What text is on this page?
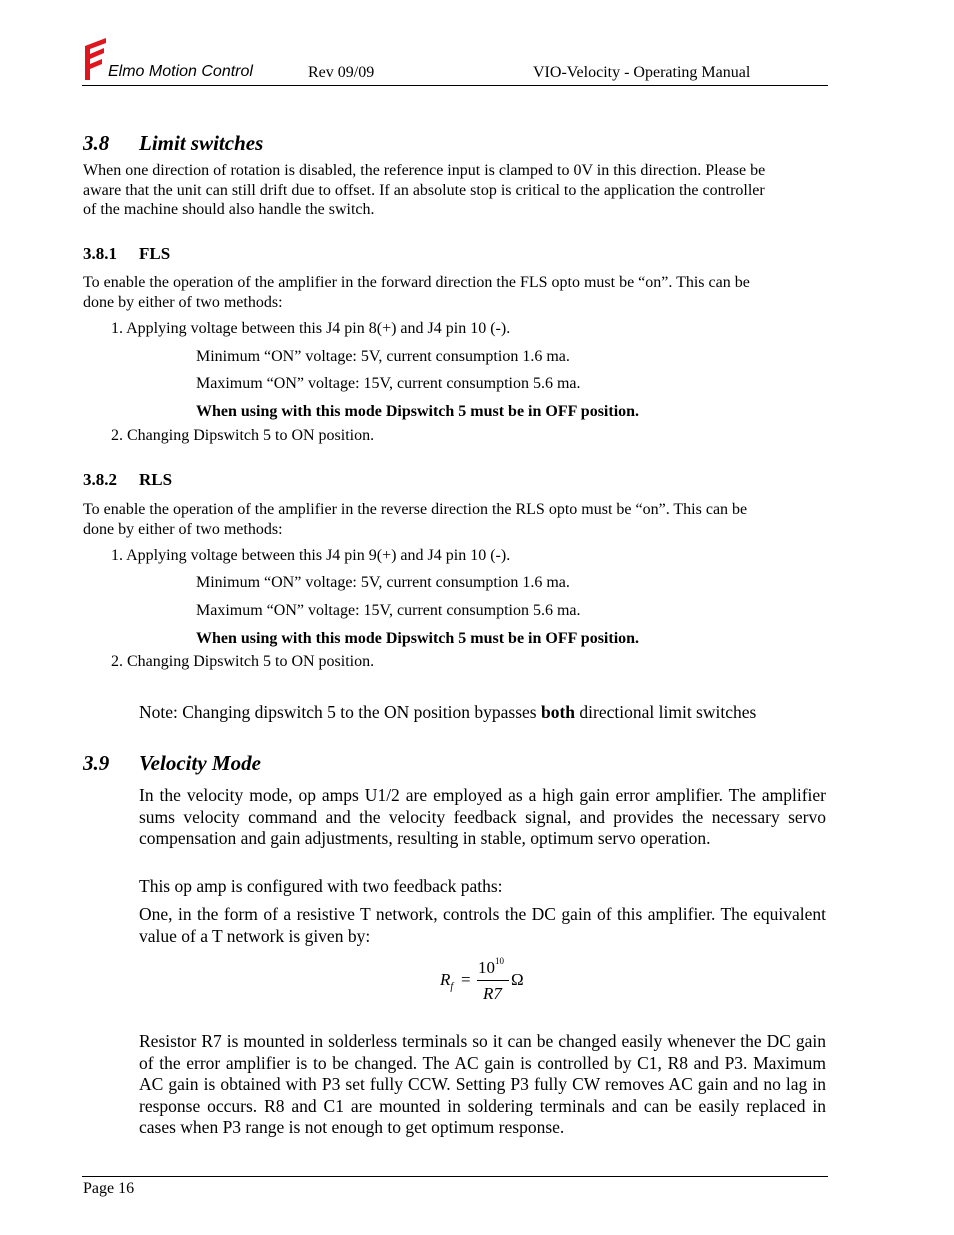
Elmo Motion Control	Rev 09/09	VIO-Velocity - Operating Manual
3.8 Limit switches
When one direction of rotation is disabled, the reference input is clamped to 0V in this direction. Please be
aware that the unit can still drift due to offset. If an absolute stop is critical to the application the controller
of the machine should also handle the switch.
3.8.1 FLS
To enable the operation of the amplifier in the forward direction the FLS opto must be “on”. This can be
done by either of two methods:
1. Applying voltage between this J4 pin 8(+) and J4 pin 10 (-).
Minimum “ON” voltage: 5V, current consumption 1.6 ma.
Maximum “ON” voltage: 15V, current consumption 5.6 ma.
When using with this mode Dipswitch 5 must be in OFF position.
2. Changing Dipswitch 5 to ON position.
3.8.2 RLS
To enable the operation of the amplifier in the reverse direction the RLS opto must be “on”. This can be
done by either of two methods:
1. Applying voltage between this J4 pin 9(+) and J4 pin 10 (-).
Minimum “ON” voltage: 5V, current consumption 1.6 ma.
Maximum “ON” voltage: 15V, current consumption 5.6 ma.
When using with this mode Dipswitch 5 must be in OFF position.
2. Changing Dipswitch 5 to ON position.
Note: Changing dipswitch 5 to the ON position bypasses both directional limit switches
3.9 Velocity Mode
In the velocity mode, op amps U1/2 are employed as a high gain error amplifier. The amplifier sums velocity command and the velocity feedback signal, and provides the necessary servo compensation and gain adjustments, resulting in stable, optimum servo operation.
This op amp is configured with two feedback paths:
One, in the form of a resistive T network, controls the DC gain of this amplifier. The equivalent value of a T network is given by:
$R_f$ =
$10^{10}$
R7
Ω
Resistor R7 is mounted in solderless terminals so it can be changed easily whenever the DC gain of the error amplifier is to be changed. The AC gain is controlled by C1, R8 and P3. Maximum AC gain is obtained with P3 set fully CCW. Setting P3 fully CW removes AC gain and no lag in response occurs. R8 and C1 are mounted in soldering terminals and can be easily replaced in cases when P3 range is not enough to get optimum response.
Page 16
